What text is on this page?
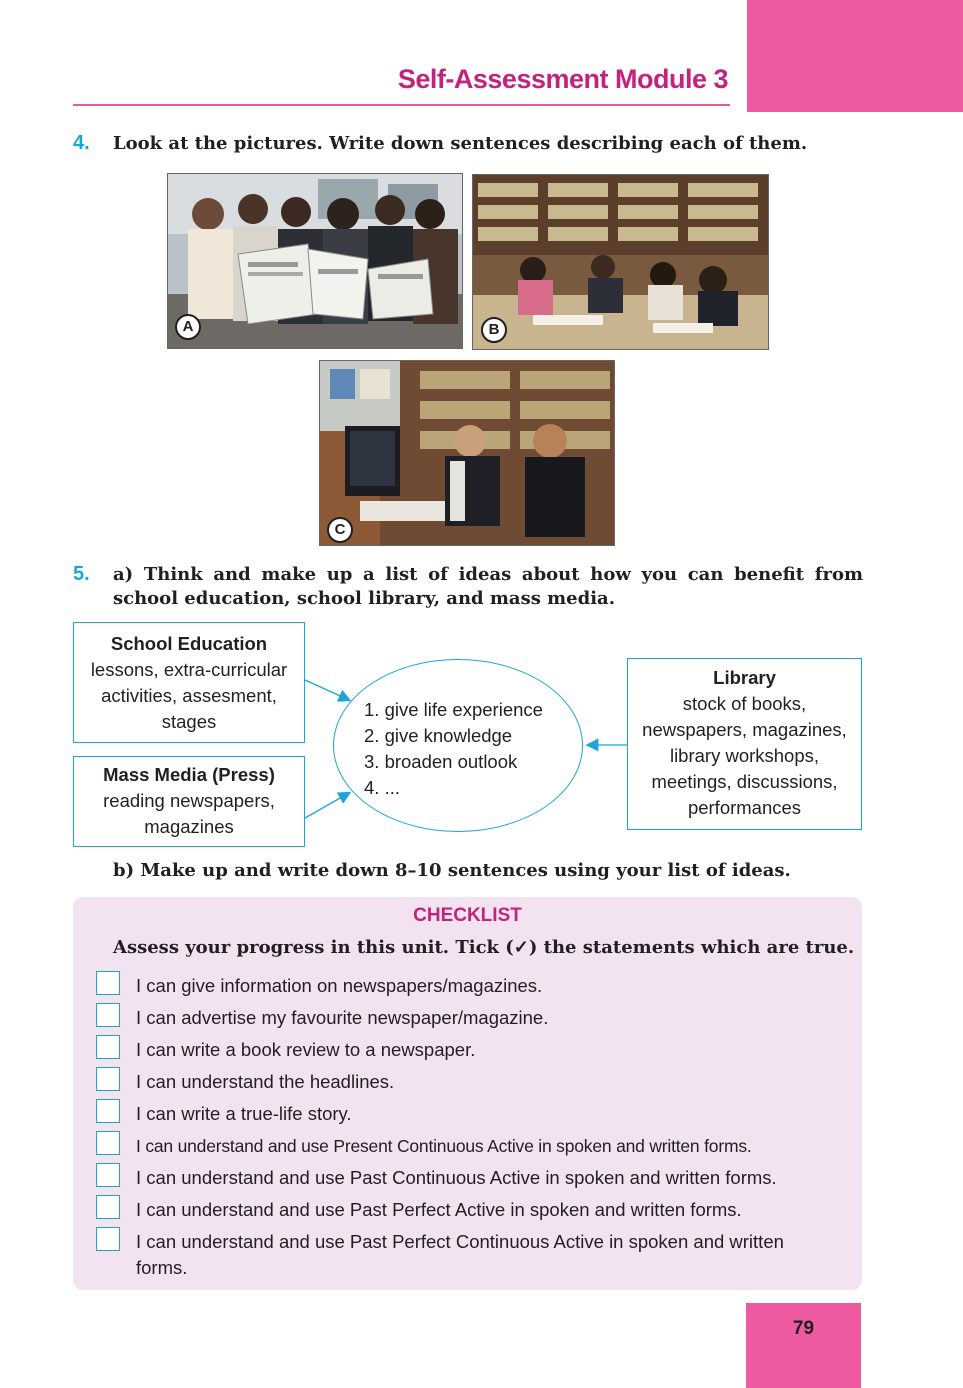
Self-Assessment Module 3
4. Look at the pictures. Write down sentences describing each of them.
A	B
C
5. a) Think and make up a list of ideas about how you can benefit from
school education, school library, and mass media.
School Education
lessons, extra-curricular
activities, assesment,
stages
Mass Media (Press)
reading newspapers,
magazines
Library
stock of books,
newspapers, magazines,
library workshops,
meetings, discussions,
performances
1. give life experience
2. give knowledge
3. broaden outlook
4. ...
b) Make up and write down 8–10 sentences using your list of ideas.
CHECKLIST
Assess your progress in this unit. Tick (✓) the statements which are true.
I can give information on newspapers/magazines.
I can advertise my favourite newspaper/magazine.
I can write a book review to a newspaper.
I can understand the headlines.
I can write a true-life story.
I can understand and use Present Continuous Active in spoken and written forms.
I can understand and use Past Continuous Active in spoken and written forms.
I can understand and use Past Perfect Active in spoken and written forms.
I can understand and use Past Perfect Continuous Active in spoken and written forms.
79
